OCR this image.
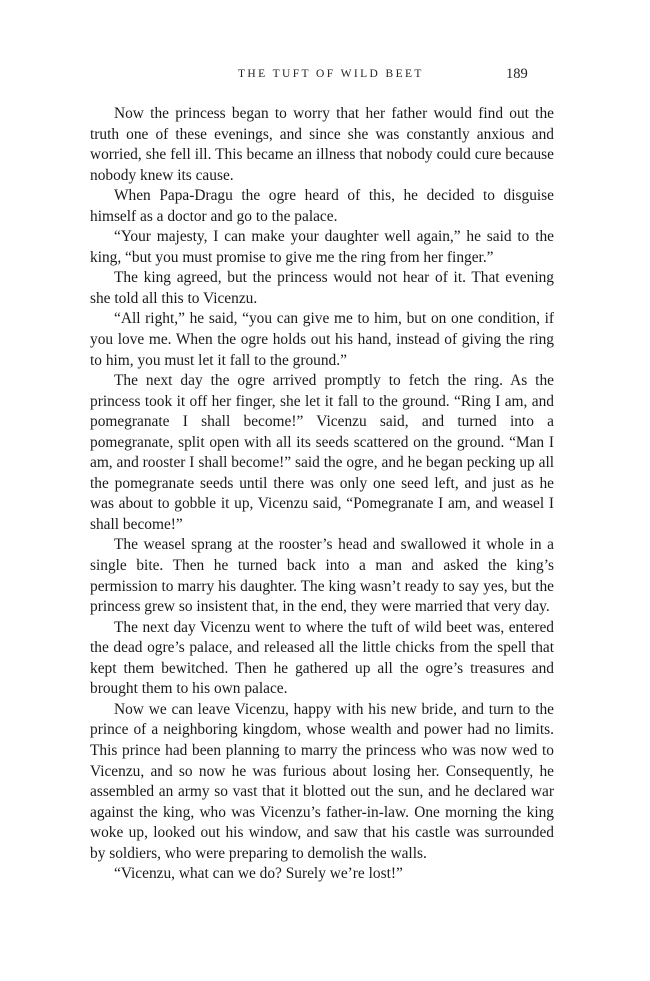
THE TUFT OF WILD BEET	189

Now the princess began to worry that her father would find out the truth one of these evenings, and since she was constantly anxious and worried, she fell ill. This became an illness that nobody could cure because nobody knew its cause.

When Papa-Dragu the ogre heard of this, he decided to disguise himself as a doctor and go to the palace.

“Your majesty, I can make your daughter well again,” he said to the king, “but you must promise to give me the ring from her finger.”

The king agreed, but the princess would not hear of it. That evening she told all this to Vicenzu.

“All right,” he said, “you can give me to him, but on one condition, if you love me. When the ogre holds out his hand, instead of giving the ring to him, you must let it fall to the ground.”

The next day the ogre arrived promptly to fetch the ring. As the princess took it off her finger, she let it fall to the ground. “Ring I am, and pomegranate I shall become!” Vicenzu said, and turned into a pomegranate, split open with all its seeds scattered on the ground. “Man I am, and rooster I shall become!” said the ogre, and he began pecking up all the pomegranate seeds until there was only one seed left, and just as he was about to gobble it up, Vicenzu said, “Pomegranate I am, and weasel I shall become!”

The weasel sprang at the rooster’s head and swallowed it whole in a single bite. Then he turned back into a man and asked the king’s permission to marry his daughter. The king wasn’t ready to say yes, but the princess grew so insistent that, in the end, they were married that very day.

The next day Vicenzu went to where the tuft of wild beet was, entered the dead ogre’s palace, and released all the little chicks from the spell that kept them bewitched. Then he gathered up all the ogre’s treasures and brought them to his own palace.

Now we can leave Vicenzu, happy with his new bride, and turn to the prince of a neighboring kingdom, whose wealth and power had no limits. This prince had been planning to marry the princess who was now wed to Vicenzu, and so now he was furious about losing her. Consequently, he assembled an army so vast that it blotted out the sun, and he declared war against the king, who was Vicenzu’s father-in-law. One morning the king woke up, looked out his window, and saw that his castle was surrounded by soldiers, who were preparing to demolish the walls.

“Vicenzu, what can we do? Surely we’re lost!”
